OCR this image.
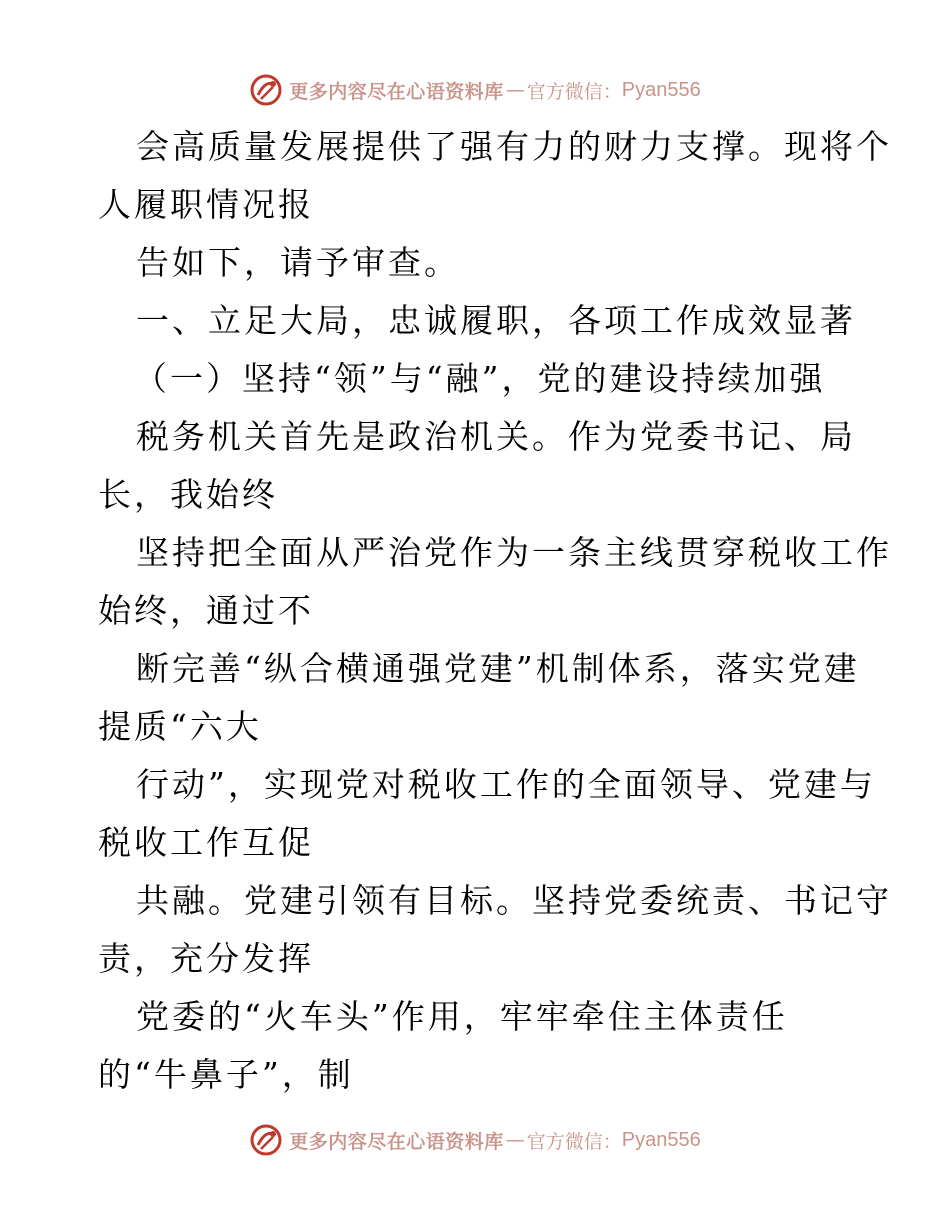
更多内容尽在心语资料库 — 官方微信： Pyan556
会高质量发展提供了强有力的财力支撑。现将个
人履职情况报
告如下，请予审查。
一、立足大局，忠诚履职，各项工作成效显著
（一）坚持“领”与“融”，党的建设持续加强
税务机关首先是政治机关。作为党委书记、局
长，我始终
坚持把全面从严治党作为一条主线贯穿税收工作
始终，通过不
断完善“纵合横通强党建”机制体系，落实党建
提质“六大
行动”，实现党对税收工作的全面领导、党建与
税收工作互促
共融。党建引领有目标。坚持党委统责、书记守
责，充分发挥
党委的“火车头”作用，牢牢牵住主体责任
的“牛鼻子”，制
更多内容尽在心语资料库 — 官方微信： Pyan556
